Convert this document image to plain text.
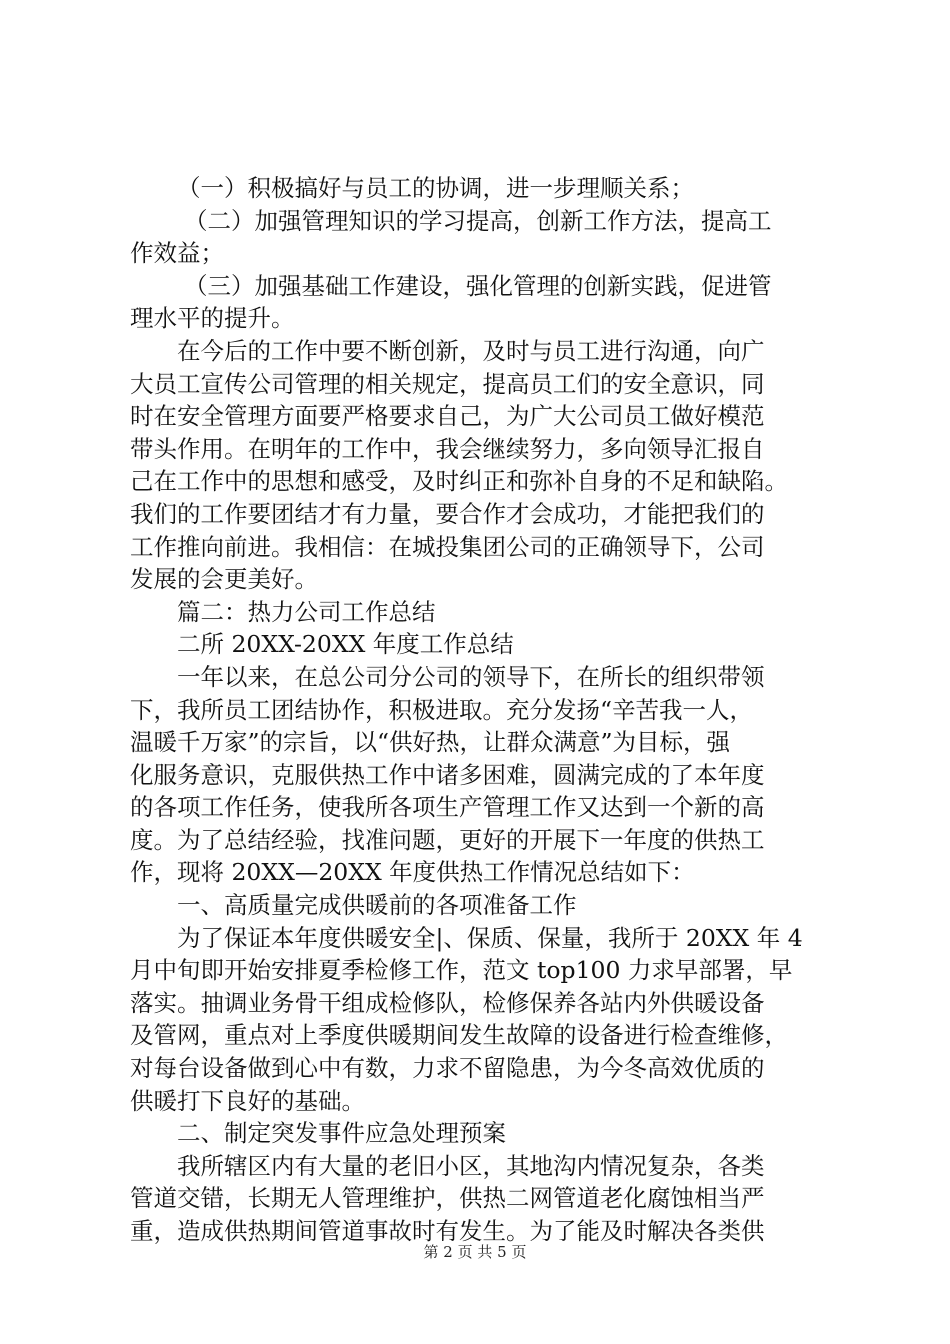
（一）积极搞好与员工的协调，进一步理顺关系；
（二）加强管理知识的学习提高，创新工作方法，提高工
作效益；
（三）加强基础工作建设，强化管理的创新实践，促进管
理水平的提升。
在今后的工作中要不断创新，及时与员工进行沟通，向广
大员工宣传公司管理的相关规定，提高员工们的安全意识，同
时在安全管理方面要严格要求自己，为广大公司员工做好模范
带头作用。在明年的工作中，我会继续努力，多向领导汇报自
己在工作中的思想和感受，及时纠正和弥补自身的不足和缺陷。
我们的工作要团结才有力量，要合作才会成功，才能把我们的
工作推向前进。我相信：在城投集团公司的正确领导下，公司
发展的会更美好。
篇二：热力公司工作总结
二所 20XX-20XX 年度工作总结
一年以来，在总公司分公司的领导下，在所长的组织带领
下，我所员工团结协作，积极进取。充分发扬“辛苦我一人，
温暖千万家”的宗旨，以“供好热，让群众满意”为目标，强
化服务意识，克服供热工作中诸多困难，圆满完成的了本年度
的各项工作任务，使我所各项生产管理工作又达到一个新的高
度。为了总结经验，找准问题，更好的开展下一年度的供热工
作，现将 20XX—20XX 年度供热工作情况总结如下：
一、高质量完成供暖前的各项准备工作
为了保证本年度供暖安全|、保质、保量，我所于 20XX 年 4
月中旬即开始安排夏季检修工作，范文 top100 力求早部署，早
落实。抽调业务骨干组成检修队，检修保养各站内外供暖设备
及管网，重点对上季度供暖期间发生故障的设备进行检查维修，
对每台设备做到心中有数，力求不留隐患，为今冬高效优质的
供暖打下良好的基础。
二、制定突发事件应急处理预案
我所辖区内有大量的老旧小区，其地沟内情况复杂，各类
管道交错，长期无人管理维护，供热二网管道老化腐蚀相当严
重，造成供热期间管道事故时有发生。为了能及时解决各类供
第 2 页 共 5 页
